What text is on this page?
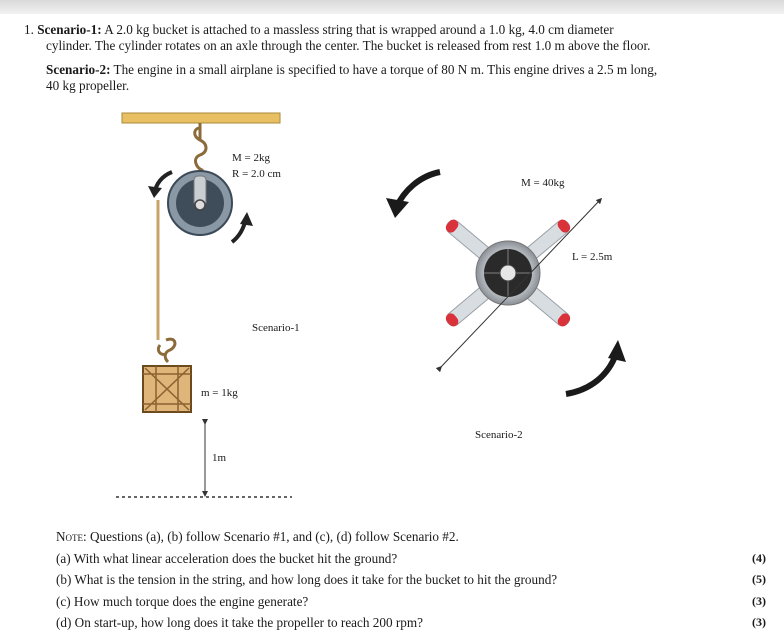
1. Scenario-1: A 2.0 kg bucket is attached to a massless string that is wrapped around a 1.0 kg, 4.0 cm diameter
cylinder. The cylinder rotates on an axle through the center. The bucket is released from rest 1.0 m above the floor.
Scenario-2: The engine in a small airplane is specified to have a torque of 80 N m. This engine drives a 2.5 m long,
40 kg propeller.
M = 2kg
R = 2.0 cm
Scenario-1
m = 1kg
1m
M = 40kg
L = 2.5m
Scenario-2
Note: Questions (a), (b) follow Scenario #1, and (c), (d) follow Scenario #2.
(a) With what linear acceleration does the bucket hit the ground?	(4)
(b) What is the tension in the string, and how long does it take for the bucket to hit the ground?	(5)
(c) How much torque does the engine generate?	(3)
(d) On start-up, how long does it take the propeller to reach 200 rpm?	(3)
